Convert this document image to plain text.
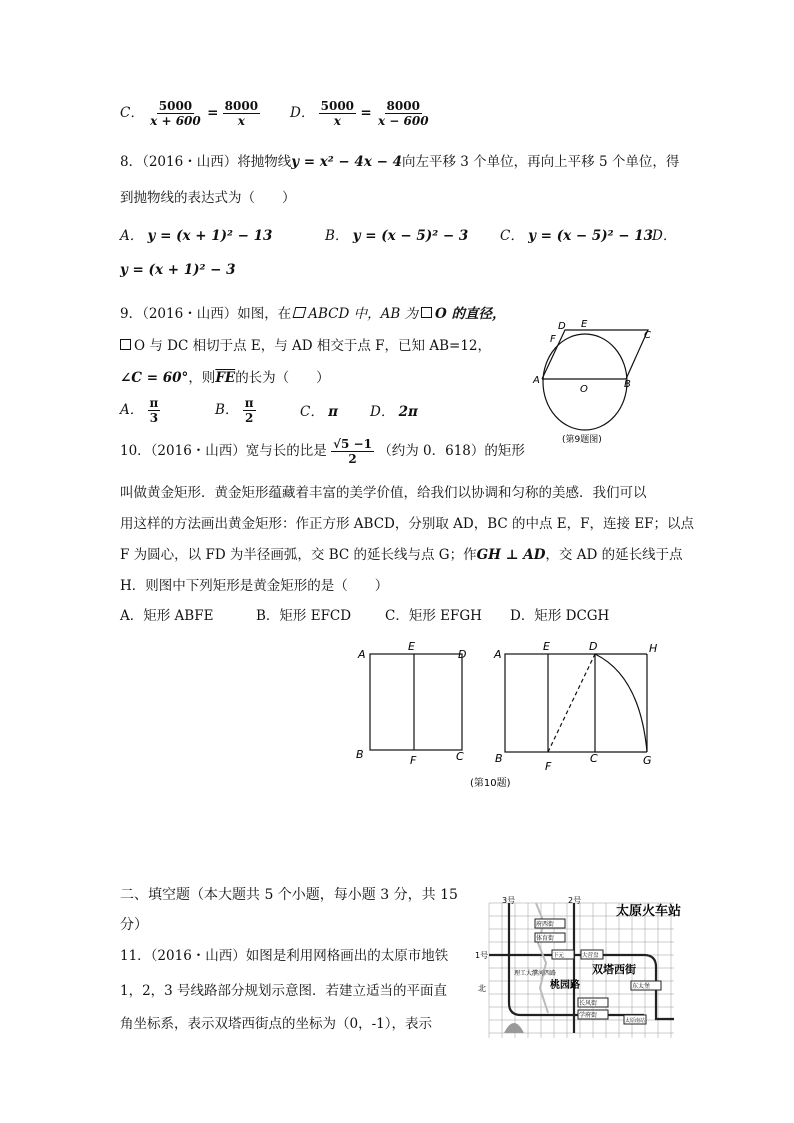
C． $\frac{5000}{x + 600} = \frac{8000}{x}$ D． $\frac{5000}{x} = \frac{8000}{x - 600}$
8．（2016・山西）将抛物线y = x² − 4x − 4向左平移 3 个单位，再向上平移 5 个单位，得
到抛物线的表达式为（　　）
A． y = (x + 1)² − 13	B． y = (x − 5)² − 3 C． y = (x − 5)² − 13
D．
y = (x + 1)² − 3
9．（2016・山西）如图，在 ABCD 中，AB 为 O 的直径，
O 与 DC 相切于点 E，与 AD 相交于点 F，已知 AB=12，
∠C = 60°，则$\overline{FE}$的长为（　　）
A． $\frac{\pi}{3}$	B． $\frac{\pi}{2}$	C． π D． 2π
D E
C
F
A
O	B
(第9题图)
10．（2016・山西）宽与长的比是 $\frac{√5 -1}{2}$ （约为 0．618）的矩形
叫做黄金矩形．黄金矩形蕴藏着丰富的美学价值，给我们以协调和匀称的美感．我们可以
用这样的方法画出黄金矩形：作正方形 ABCD，分别取 AD，BC 的中点 E，F，连接 EF；以点
F 为圆心，以 FD 为半径画弧，交 BC 的延长线与点 G；作GH ⊥ AD，交 AD 的延长线于点
H．则图中下列矩形是黄金矩形的是（　　）
A．矩形 ABFE	B．矩形 EFCD	C．矩形 EFGH D．矩形 DCGH
A
E
D
B	F	C
A
E	D	H
B
F
C	G
(第10题)
二、填空题（本大题共 5 个小题，每小题 3 分，共 15
分）
11．（2016・山西）如图是利用网格画出的太原市地铁
1，2，3 号线路部分规划示意图．若建立适当的平面直
角坐标系，表示双塔西街点的坐标为（0，-1），表示
3号	2号
1号
北
太原火车站
府西街
体育街
下元	大营盘
双塔西街
理工大学
滨河西路
桃园路
长风街
学府街
东太堡
太原南站
